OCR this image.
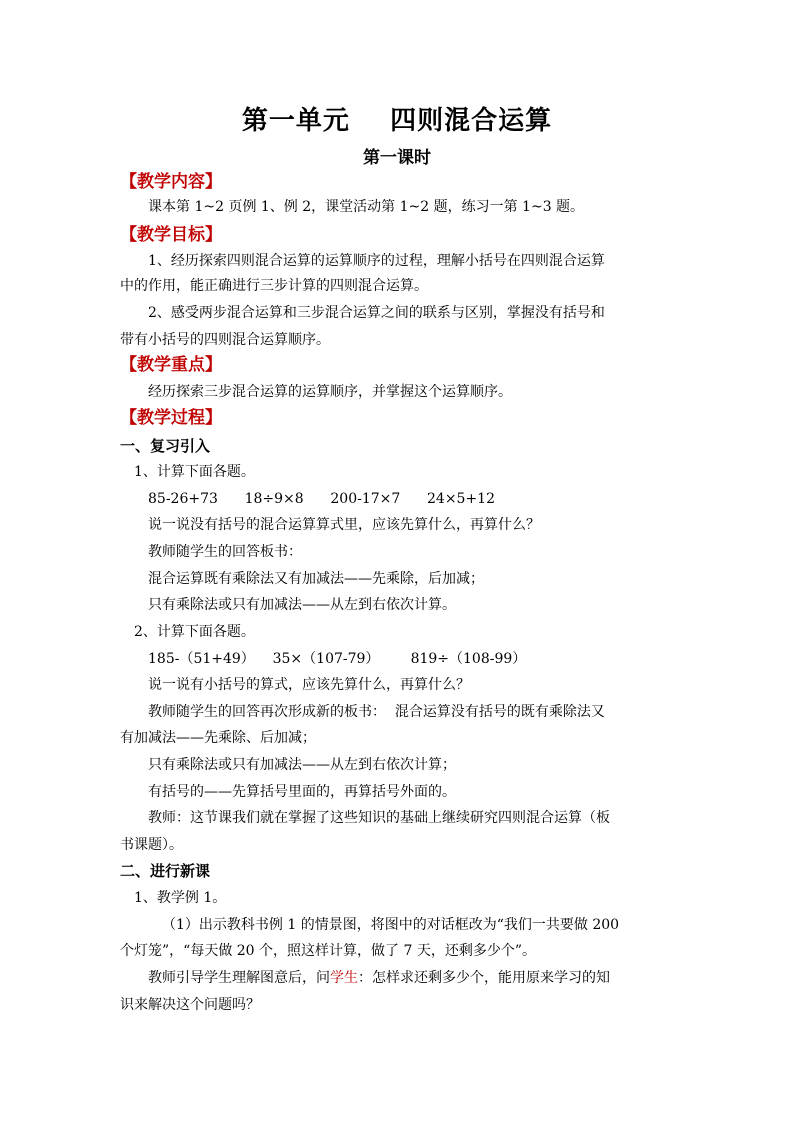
第一单元    四则混合运算
第一课时
【教学内容】
课本第 1~2 页例 1、例 2，课堂活动第 1~2 题，练习一第 1~3 题。
【教学目标】
1、经历探索四则混合运算的运算顺序的过程，理解小括号在四则混合运算
中的作用，能正确进行三步计算的四则混合运算。
2、感受两步混合运算和三步混合运算之间的联系与区别，掌握没有括号和
带有小括号的四则混合运算顺序。
【教学重点】
经历探索三步混合运算的运算顺序，并掌握这个运算顺序。
【教学过程】
一、复习引入
1、计算下面各题。
85-26+73      18÷9×8      200-17×7      24×5+12
说一说没有括号的混合运算算式里，应该先算什么，再算什么？
教师随学生的回答板书：
混合运算既有乘除法又有加减法——先乘除，后加减；
只有乘除法或只有加减法——从左到右依次计算。
2、计算下面各题。
185-（51+49）    35×（107-79）       819÷（108-99）
说一说有小括号的算式，应该先算什么，再算什么？
教师随学生的回答再次形成新的板书：  混合运算没有括号的既有乘除法又
有加减法——先乘除、后加减；
只有乘除法或只有加减法——从左到右依次计算；
有括号的——先算括号里面的，再算括号外面的。
教师：这节课我们就在掌握了这些知识的基础上继续研究四则混合运算（板
书课题）。
二、进行新课
1、教学例 1。
（1）出示教科书例 1 的情景图，将图中的对话框改为“我们一共要做 200
个灯笼”，“每天做 20 个，照这样计算，做了 7 天，还剩多少个”。
教师引导学生理解图意后，问学生：怎样求还剩多少个，能用原来学习的知
识来解决这个问题吗？
